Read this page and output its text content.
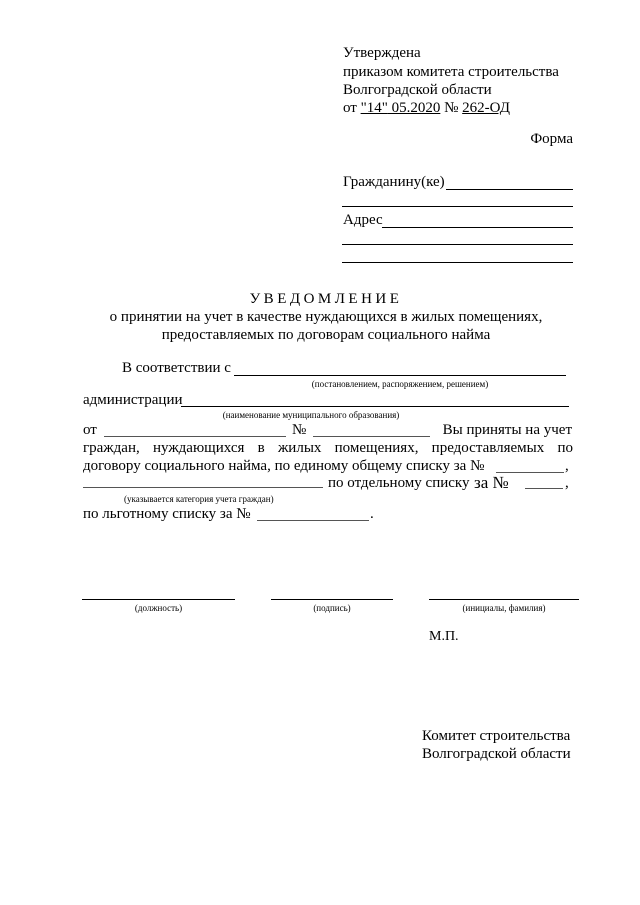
Утверждена
приказом комитета строительства
Волгоградской области
от "14" 05.2020 № 262-ОД
Форма
Гражданину(ке)
Адрес
УВЕДОМЛЕНИЕ
о принятии на учет в качестве нуждающихся в жилых помещениях,
предоставляемых по договорам социального найма
В соответствии с
(постановлением, распоряжением, решением)
администрации
(наименование муниципального образования)
от	№	Вы приняты на учет
граждан, нуждающихся в жилых помещениях, предоставляемых по
договору социального найма, по единому общему списку за №	,
по отдельному списку за №	,
(указывается категория учета граждан)
по льготному списку за №	.
(должность)	(подпись)	(инициалы, фамилия)
М.П.
Комитет строительства
Волгоградской области
